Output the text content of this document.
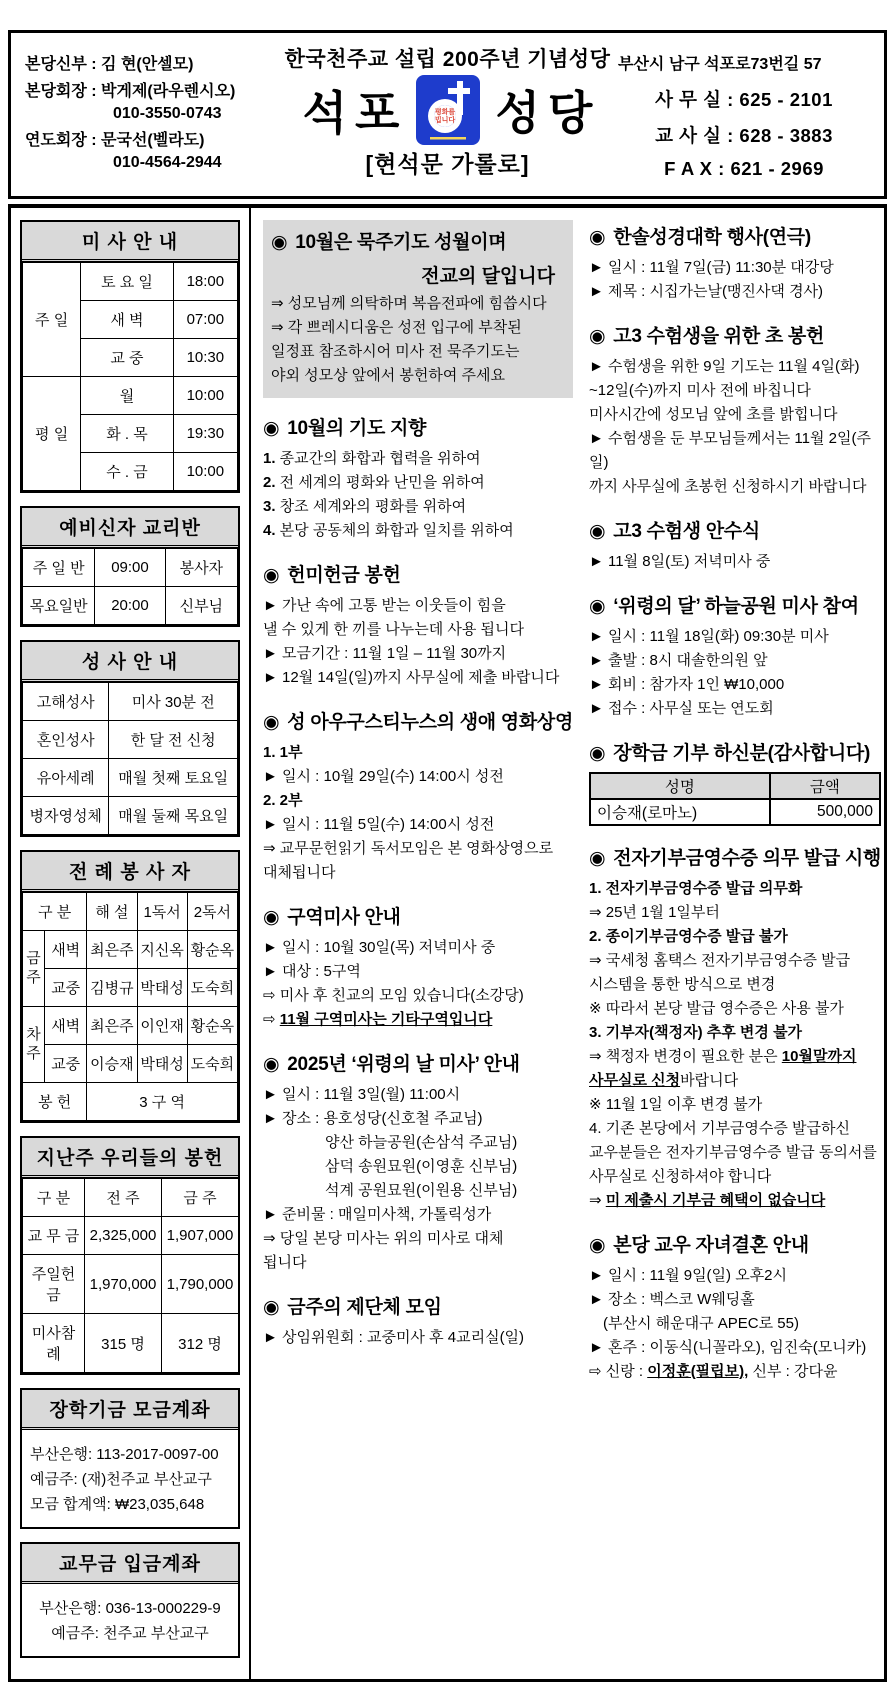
본당신부 : 김 현(안셀모)
본당회장 : 박게제(라우렌시오)
010-3550-0743
연도회장 : 문국선(벨라도)
010-4564-2944
한국천주교 설립 200주년 기념성당
석포	평화를
빕니다 성당
[현석문 가롤로]
부산시 남구 석포로73번길 57
사 무 실 : 625 - 2101
교 사 실 : 628 - 3883
F A X : 621 - 2969
미 사 안 내
주 일	토 요 일	18:00
	새 벽	07:00
	교 중	10:30
평 일	월	10:00
	화 . 목	19:30
	수 . 금	10:00
예비신자 교리반
주 일 반	09:00	봉사자
목요일반	20:00	신부님
성 사 안 내
고해성사	미사 30분 전
혼인성사	한 달 전 신청
유아세례	매월 첫째 토요일
병자영성체	매월 둘째 목요일
전 례 봉 사 자
구 분		해 설	1독서	2독서
금주	새벽	최은주	지신옥	황순옥
	교중	김병규	박태성	도숙희
차주	새벽	최은주	이인재	황순옥
	교중	이승재	박태성	도숙희
봉 헌		3 구 역		
지난주 우리들의 봉헌
구 분	전 주	금 주
교 무 금	2,325,000	1,907,000
주일헌금	1,970,000	1,790,000
미사참례	315 명	312 명
장학기금 모금계좌
부산은행: 113-2017-0097-00
예금주: (재)천주교 부산교구
모금 합계액: ₩23,035,648
교무금 입금계좌
부산은행: 036-13-000229-9
예금주: 천주교 부산교구
◉ 10월은 묵주기도 성월이며
전교의 달입니다
⇒ 성모님께 의탁하며 복음전파에 힘씁시다
⇒ 각 쁘레시디움은 성전 입구에 부착된
일정표 참조하시어 미사 전 묵주기도는
야외 성모상 앞에서 봉헌하여 주세요
◉ 10월의 기도 지향
1. 종교간의 화합과 협력을 위하여
2. 전 세계의 평화와 난민을 위하여
3. 창조 세계와의 평화를 위하여
4. 본당 공동체의 화합과 일치를 위하여
◉ 헌미헌금 봉헌
► 가난 속에 고통 받는 이웃들이 힘을
낼 수 있게 한 끼를 나누는데 사용 됩니다
► 모금기간 : 11월 1일 – 11월 30까지
► 12월 14일(일)까지 사무실에 제출 바랍니다
◉ 성 아우구스티누스의 생애 영화상영
1. 1부
► 일시 : 10월 29일(수) 14:00시 성전
2. 2부
► 일시 : 11월 5일(수) 14:00시 성전
⇒ 교무문헌읽기 독서모임은 본 영화상영으로
대체됩니다
◉ 구역미사 안내
► 일시 : 10월 30일(목) 저녁미사 중
► 대상 : 5구역
⇨ 미사 후 친교의 모임 있습니다(소강당)
⇨ 11월 구역미사는 기타구역입니다
◉ 2025년 ‘위령의 날 미사’ 안내
► 일시 : 11월 3일(월) 11:00시
► 장소 : 용호성당(신호철 주교님)
양산 하늘공원(손삼석 주교님)
삼덕 송원묘원(이영훈 신부님)
석계 공원묘원(이원용 신부님)
► 준비물 : 매일미사책, 가톨릭성가
⇒ 당일 본당 미사는 위의 미사로 대체
됩니다
◉ 금주의 제단체 모임
► 상임위원회 : 교중미사 후 4교리실(일)
◉ 한솔성경대학 행사(연극)
► 일시 : 11월 7일(금) 11:30분 대강당
► 제목 : 시집가는날(맹진사댁 경사)
◉ 고3 수험생을 위한 초 봉헌
► 수험생을 위한 9일 기도는 11월 4일(화)
~12일(수)까지 미사 전에 바칩니다
미사시간에 성모님 앞에 초를 밝힙니다
► 수험생을 둔 부모님들께서는 11월 2일(주일)
까지 사무실에 초봉헌 신청하시기 바랍니다
◉ 고3 수험생 안수식
► 11월 8일(토) 저녁미사 중
◉ ‘위령의 달’ 하늘공원 미사 참여
► 일시 : 11월 18일(화) 09:30분 미사
► 출발 : 8시 대솔한의원 앞
► 회비 : 참가자 1인 ₩10,000
► 접수 : 사무실 또는 연도회
◉ 장학금 기부 하신분(감사합니다)
성명	금액
이승재(로마노)	500,000
◉ 전자기부금영수증 의무 발급 시행
1. 전자기부금영수증 발급 의무화
⇒ 25년 1월 1일부터
2. 종이기부금영수증 발급 불가
⇒ 국세청 홈택스 전자기부금영수증 발급
시스템을 통한 방식으로 변경
※ 따라서 본당 발급 영수증은 사용 불가
3. 기부자(책정자) 추후 변경 불가
⇒ 책정자 변경이 필요한 분은 10월말까지
사무실로 신청바랍니다
※ 11월 1일 이후 변경 불가
4. 기존 본당에서 기부금영수증 발급하신
교우분들은 전자기부금영수증 발급 동의서를
사무실로 신청하셔야 합니다
⇒ 미 제출시 기부금 혜택이 없습니다
◉ 본당 교우 자녀결혼 안내
► 일시 : 11월 9일(일) 오후2시
► 장소 : 벡스코 W웨딩홀
(부산시 해운대구 APEC로 55)
► 혼주 : 이동식(니꼴라오), 임진숙(모니카)
⇨ 신랑 : 이정훈(필립보), 신부 : 강다윤
